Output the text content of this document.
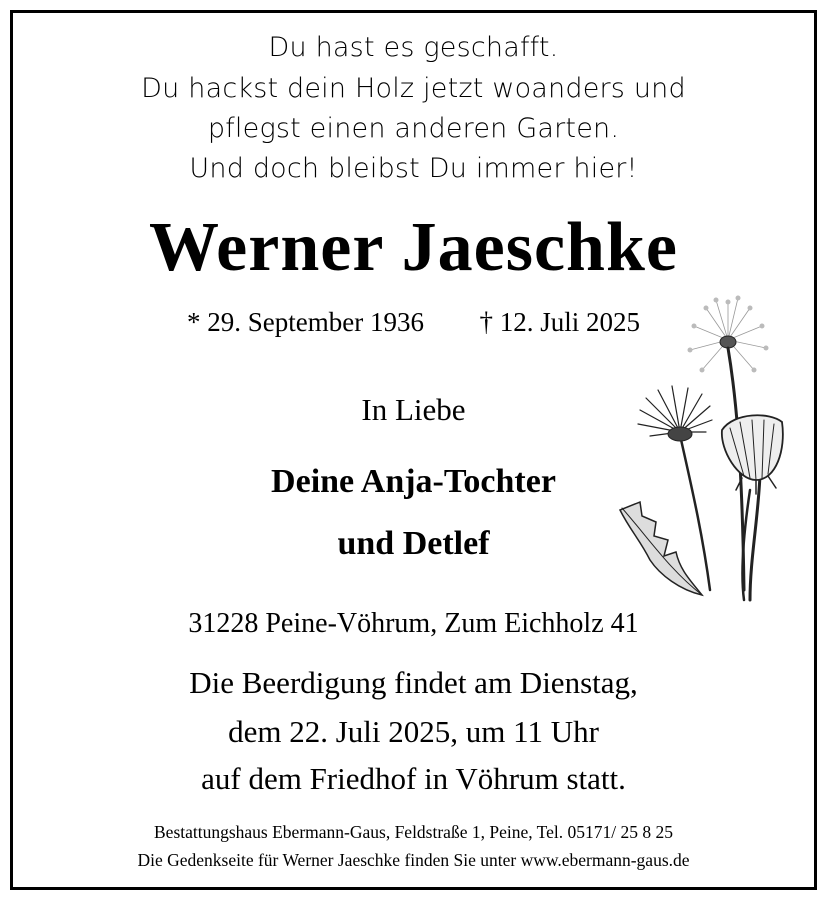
Du hast es geschafft.
Du hackst dein Holz jetzt woanders und
pflegst einen anderen Garten.
Und doch bleibst Du immer hier!
Werner Jaeschke
* 29. September 1936 † 12. Juli 2025
In Liebe
Deine Anja-Tochter
und Detlef
31228 Peine-Vöhrum, Zum Eichholz 41
Die Beerdigung findet am Dienstag,
dem 22. Juli 2025, um 11 Uhr
auf dem Friedhof in Vöhrum statt.
Bestattungshaus Ebermann-Gaus, Feldstraße 1, Peine, Tel. 05171/ 25 8 25
Die Gedenkseite für Werner Jaeschke finden Sie unter www.ebermann-gaus.de
